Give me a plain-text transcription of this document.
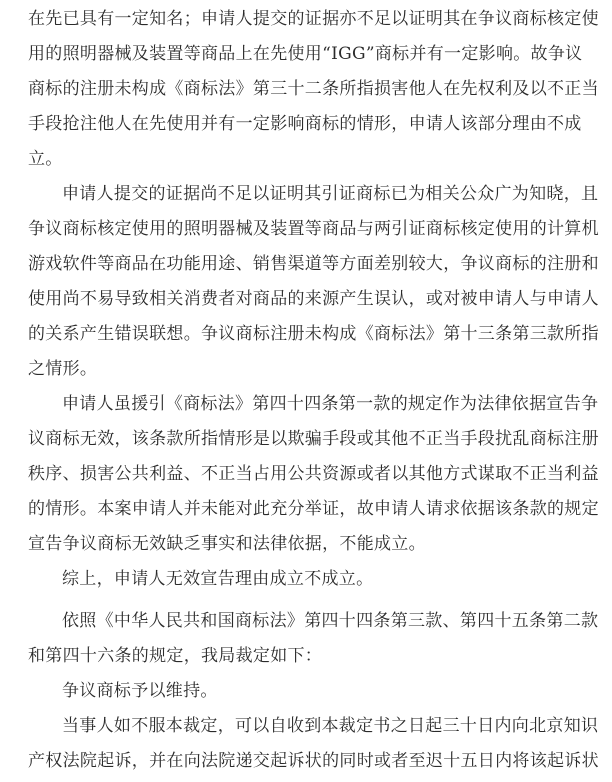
在先已具有一定知名；申请人提交的证据亦不足以证明其在争议商标核定使
用的照明器械及装置等商品上在先使用“IGG”商标并有一定影响。故争议
商标的注册未构成《商标法》第三十二条所指损害他人在先权利及以不正当
手段抢注他人在先使用并有一定影响商标的情形，申请人该部分理由不成
立。
申请人提交的证据尚不足以证明其引证商标已为相关公众广为知晓，且
争议商标核定使用的照明器械及装置等商品与两引证商标核定使用的计算机
游戏软件等商品在功能用途、销售渠道等方面差别较大，争议商标的注册和
使用尚不易导致相关消费者对商品的来源产生误认，或对被申请人与申请人
的关系产生错误联想。争议商标注册未构成《商标法》第十三条第三款所指
之情形。
申请人虽援引《商标法》第四十四条第一款的规定作为法律依据宣告争
议商标无效，该条款所指情形是以欺骗手段或其他不正当手段扰乱商标注册
秩序、损害公共利益、不正当占用公共资源或者以其他方式谋取不正当利益
的情形。本案申请人并未能对此充分举证，故申请人请求依据该条款的规定
宣告争议商标无效缺乏事实和法律依据，不能成立。
综上，申请人无效宣告理由成立不成立。
依照《中华人民共和国商标法》第四十四条第三款、第四十五条第二款
和第四十六条的规定，我局裁定如下：
争议商标予以维持。
当事人如不服本裁定，可以自收到本裁定书之日起三十日内向北京知识
产权法院起诉，并在向法院递交起诉状的同时或者至迟十五日内将该起诉状
